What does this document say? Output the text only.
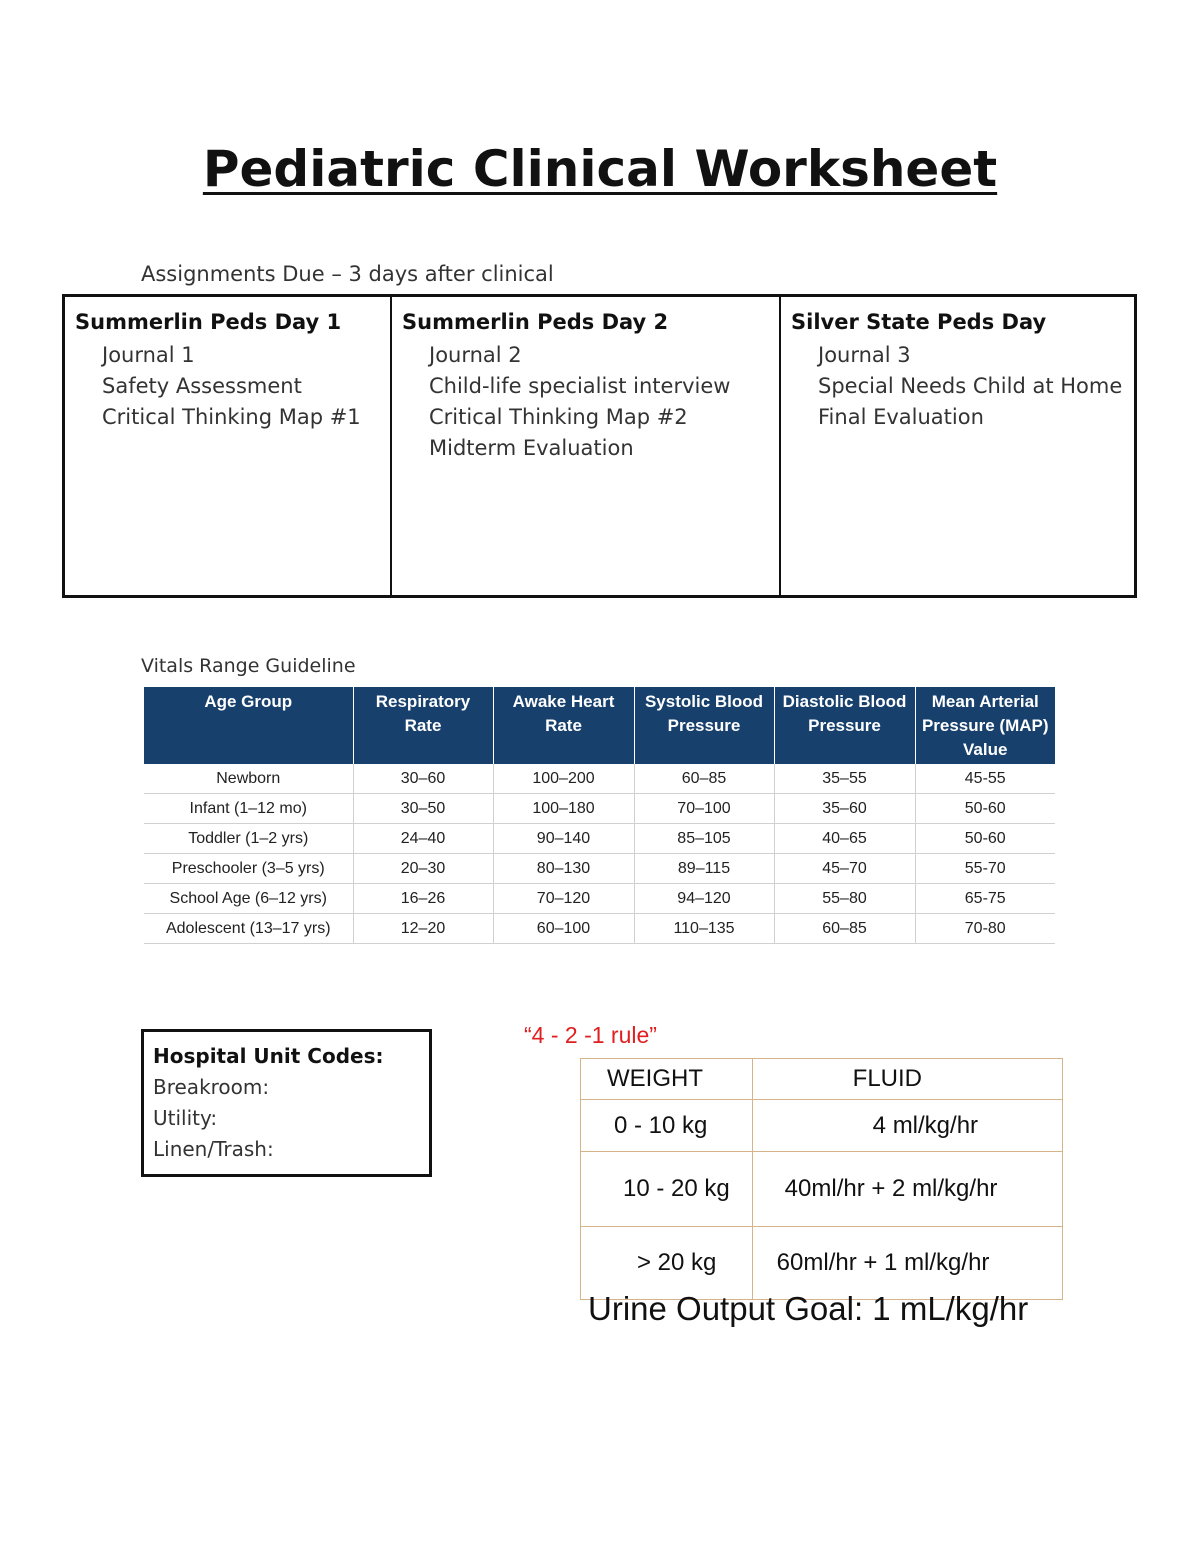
Pediatric Clinical Worksheet
Assignments Due – 3 days after clinical
Summerlin Peds Day 1
Journal 1
Safety Assessment
Critical Thinking Map #1
Summerlin Peds Day 2
Journal 2
Child-life specialist interview
Critical Thinking Map #2
Midterm Evaluation
Silver State Peds Day
Journal 3
Special Needs Child at Home
Final Evaluation
Vitals Range Guideline
Age Group	Respiratory Rate	Awake Heart Rate	Systolic Blood Pressure	Diastolic Blood Pressure	Mean Arterial Pressure (MAP) Value
Newborn	30–60	100–200	60–85	35–55	45-55
Infant (1–12 mo)	30–50	100–180	70–100	35–60	50-60
Toddler (1–2 yrs)	24–40	90–140	85–105	40–65	50-60
Preschooler (3–5 yrs)	20–30	80–130	89–115	45–70	55-70
School Age (6–12 yrs)	16–26	70–120	94–120	55–80	65-75
Adolescent (13–17 yrs)	12–20	60–100	110–135	60–85	70-80
Hospital Unit Codes:
Breakroom:
Utility:
Linen/Trash:
“4 - 2 -1 rule”
WEIGHT	FLUID
0 - 10 kg	4 ml/kg/hr
10 - 20 kg	40ml/hr + 2 ml/kg/hr
> 20 kg	60ml/hr + 1 ml/kg/hr
Urine Output Goal: 1 mL/kg/hr
